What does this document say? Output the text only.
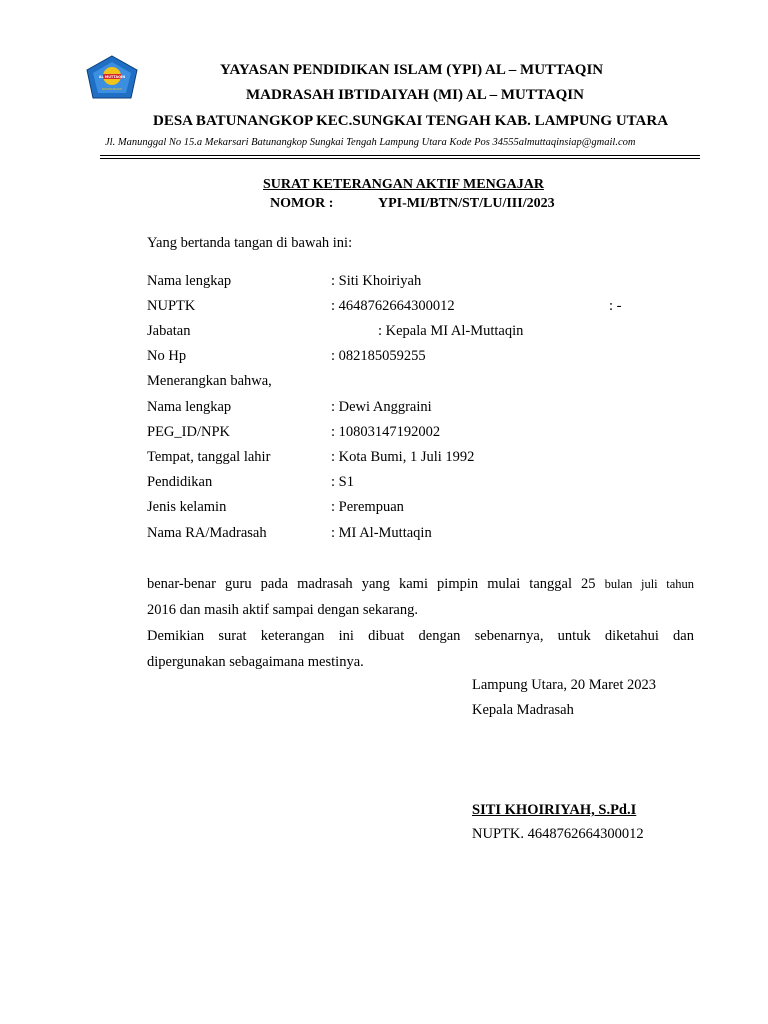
AL MUTTAQIN
BATUNANGKOP
YAYASAN PENDIDIKAN ISLAM (YPI) AL – MUTTAQIN
MADRASAH IBTIDAIYAH (MI) AL – MUTTAQIN
DESA BATUNANGKOP KEC.SUNGKAI TENGAH KAB. LAMPUNG UTARA
Jl. Manunggal No 15.a Mekarsari Batunangkop Sungkai Tengah Lampung Utara Kode Pos 34555almuttaqinsiap@gmail.com
SURAT KETERANGAN AKTIF MENGAJAR
NOMOR :	YPI-MI/BTN/ST/LU/III/2023
Yang bertanda tangan di bawah ini:
Nama lengkap	: Siti Khoiriyah
NUPTK	: 4648762664300012	: -
Jabatan	: Kepala MI Al-Muttaqin
No Hp	: 082185059255
Menerangkan bahwa,
Nama lengkap	: Dewi Anggraini
PEG_ID/NPK	: 10803147192002
Tempat, tanggal lahir	: Kota Bumi, 1 Juli 1992
Pendidikan	: S1
Jenis kelamin	: Perempuan
Nama RA/Madrasah	: MI Al-Muttaqin
benar-benar guru pada madrasah yang kami pimpin mulai tanggal 25 bulan juli tahun
2016 dan masih aktif sampai dengan sekarang.
Demikian surat keterangan ini dibuat dengan sebenarnya, untuk diketahui dan
dipergunakan sebagaimana mestinya.
Lampung Utara, 20 Maret 2023
Kepala Madrasah
SITI KHOIRIYAH, S.Pd.I
NUPTK. 4648762664300012
